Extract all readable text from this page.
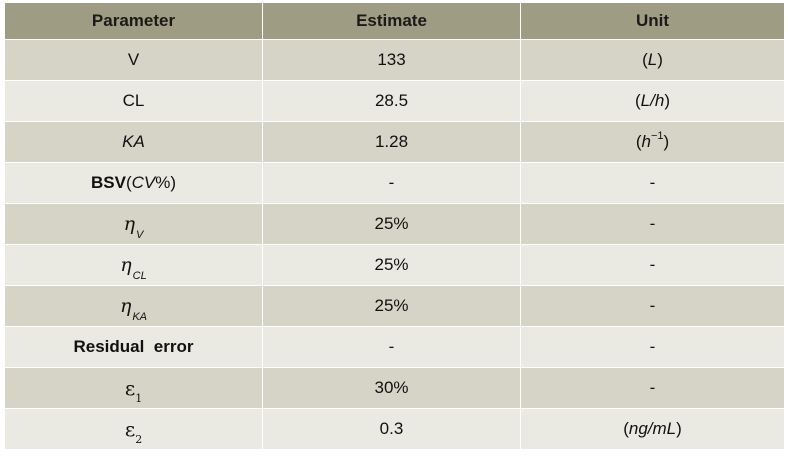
Parameter	Estimate	Unit
V	133	(L)
CL	28.5	(L/h)
KA	1.28	$(h^{-1})$
BSV(CV%)	-	-
$\eta_V$	25%	-
$\eta_{CL}$	25%	-
$\eta_{KA}$	25%	-
Residual  error	-	-
$\varepsilon_1$	30%	-
$\varepsilon_2$	0.3	(ng/mL)
